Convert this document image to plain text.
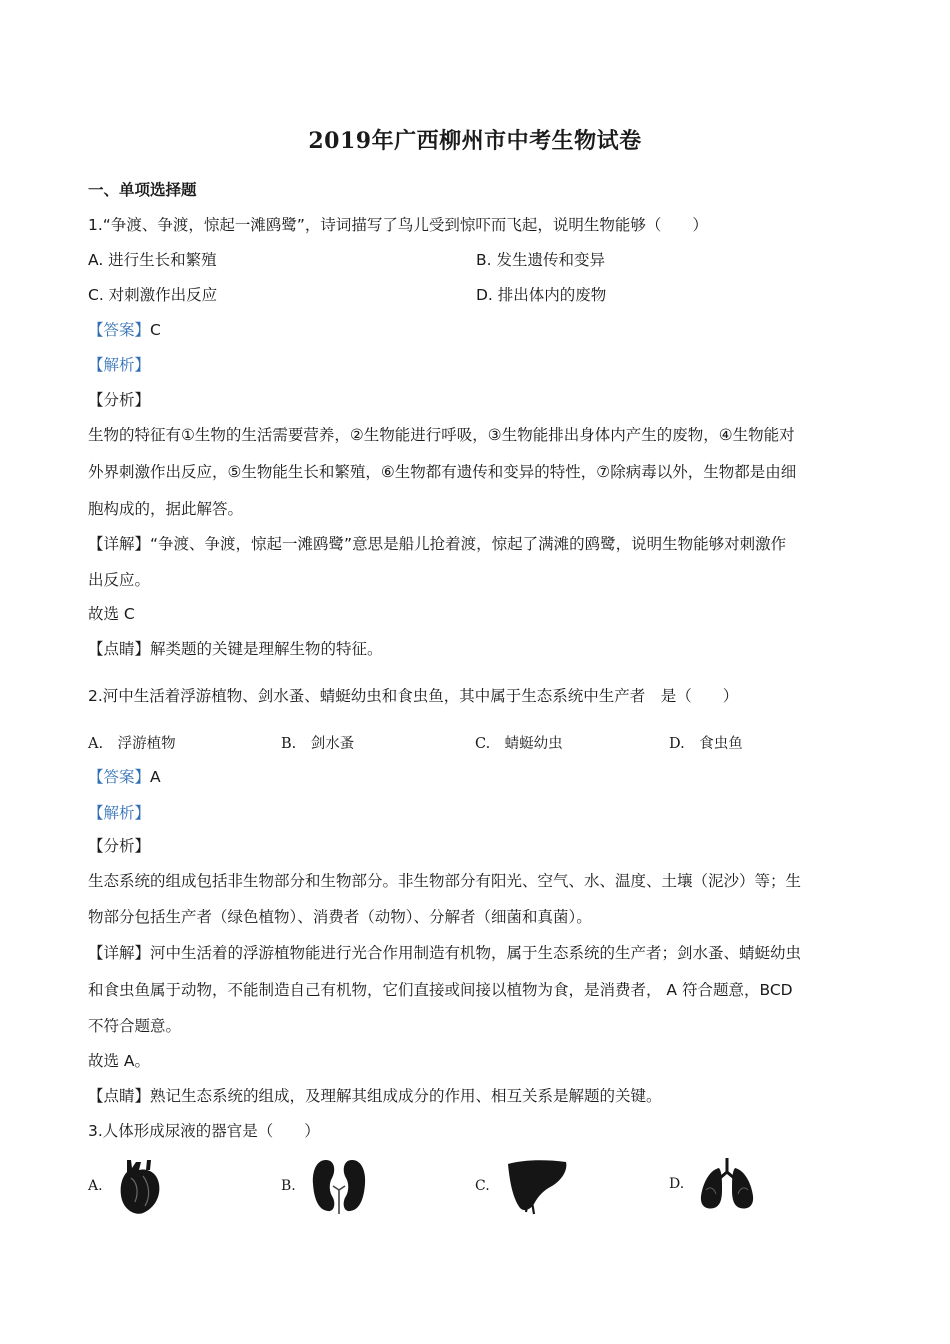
2019年广西柳州市中考生物试卷
一、单项选择题
1.“争渡、争渡，惊起一滩鸥鹭”，诗词描写了鸟儿受到惊吓而飞起，说明生物能够（　　）
A. 进行生长和繁殖	B. 发生遗传和变异
C. 对刺激作出反应	D. 排出体内的废物
【答案】C
【解析】
【分析】
生物的特征有①生物的生活需要营养，②生物能进行呼吸，③生物能排出身体内产生的废物，④生物能对
外界刺激作出反应，⑤生物能生长和繁殖，⑥生物都有遗传和变异的特性，⑦除病毒以外，生物都是由细
胞构成的，据此解答。
【详解】“争渡、争渡，惊起一滩鸥鹭”意思是船儿抢着渡，惊起了满滩的鸥鹭，说明生物能够对刺激作
出反应。
故选 C
【点睛】解类题的关键是理解生物的特征。
2.河中生活着浮游植物、剑水蚤、蜻蜓幼虫和食虫鱼，其中属于生态系统中生产者　是（　　）
A.　浮游植物	B.　剑水蚤	C.　蜻蜓幼虫	D.　食虫鱼
【答案】A
【解析】
【分析】
生态系统的组成包括非生物部分和生物部分。非生物部分有阳光、空气、水、温度、土壤（泥沙）等；生
物部分包括生产者（绿色植物）、消费者（动物）、分解者（细菌和真菌）。
【详解】河中生活着的浮游植物能进行光合作用制造有机物，属于生态系统的生产者；剑水蚤、蜻蜓幼虫
和食虫鱼属于动物，不能制造自己有机物，它们直接或间接以植物为食，是消费者， A 符合题意，BCD
不符合题意。
故选 A。
【点睛】熟记生态系统的组成，及理解其组成成分的作用、相互关系是解题的关键。
3.人体形成尿液的器官是（　　）
A.	B.	C.	D.
